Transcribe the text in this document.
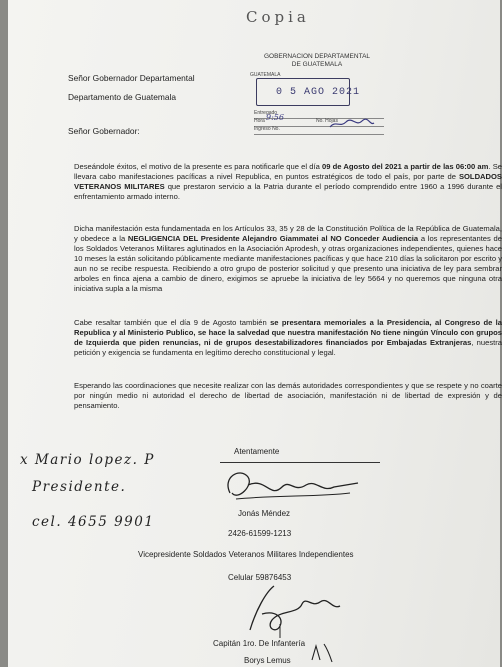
Copia
GOBERNACION DEPARTAMENTAL
DE GUATEMALA
GUATEMALA
0 5 AGO 2021
Entregado
Hora	No. Hojas
Ingreso No.
9:56
Señor Gobernador Departamental
Departamento de Guatemala
Señor Gobernador:
Deseándole éxitos, el motivo de la presente es para notificarle que el día 09 de Agosto del 2021 a partir de las 06:00 am. Se llevara cabo manifestaciones pacíficas a nivel Republica, en puntos estratégicos de todo el país, por parte de SOLDADOS VETERANOS MILITARES que prestaron servicio a la Patria durante el período comprendido entre 1960 a 1996 durante el enfrentamiento armado interno.
Dicha manifestación esta fundamentada en los Artículos 33, 35 y 28 de la Constitución Política de la República de Guatemala, y obedece a la NEGLIGENCIA DEL Presidente Alejandro Giammatei al NO Conceder Audiencia a los representantes de los Soldados Veteranos Militares aglutinados en la Asociación Aprodesh, y otras organizaciones independientes, quienes hace 10 meses la están solicitando públicamente mediante manifestaciones pacíficas y que hace 210 días la solicitaron por escrito y aun no se recibe respuesta. Recibiendo a otro grupo de posterior solicitud y que presento una iniciativa de ley para sembrar arboles en finca ajena a cambio de dinero, exigimos se apruebe la iniciativa de ley 5664 y no queremos que ninguna otra iniciativa supla a la misma
Cabe resaltar también que el día 9 de Agosto también se presentara memoriales a la Presidencia, al Congreso de la Republica y al Ministerio Publico, se hace la salvedad que nuestra manifestación No tiene ningún Vínculo con grupos de Izquierda que piden renuncias, ni de grupos desestabilizadores financiados por Embajadas Extranjeras, nuestra petición y exigencia se fundamenta en legítimo derecho constitucional y legal.
Esperando las coordinaciones que necesite realizar con las demás autoridades correspondientes y que se respete y no coarte por ningún medio ni autoridad el derecho de libertad de asociación, manifestación ni de libertad de expresión y de pensamiento.
Atentamente
Jonás Méndez
2426-61599-1213
Vicepresidente Soldados Veteranos Militares Independientes
Celular 59876453
Capitán 1ro. De Infantería
Borys Lemus
x Mario lopez. P
Presidente.
cel. 4655 9901
